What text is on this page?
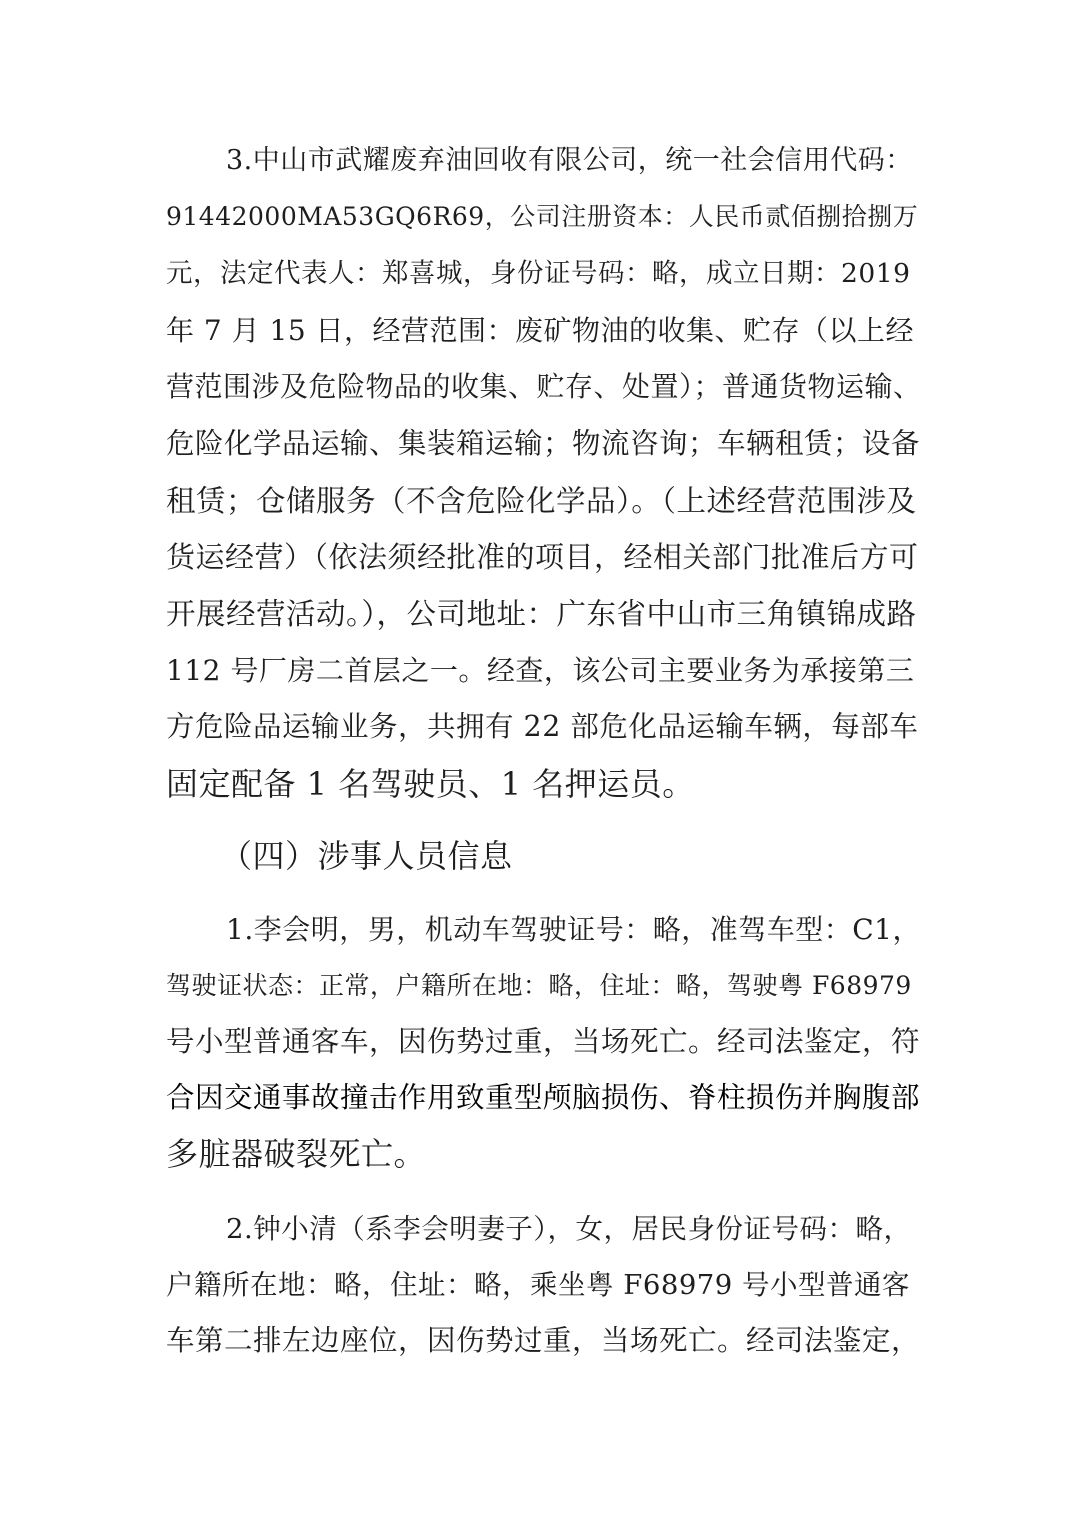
3.中山市武耀废弃油回收有限公司，统一社会信用代码：
91442000MA53GQ6R69，公司注册资本：人民币贰佰捌拾捌万
元，法定代表人：郑喜城，身份证号码：略，成立日期：2019
年 7 月 15 日，经营范围：废矿物油的收集、贮存（以上经
营范围涉及危险物品的收集、贮存、处置）；普通货物运输、
危险化学品运输、集装箱运输；物流咨询；车辆租赁；设备
租赁；仓储服务（不含危险化学品）。（上述经营范围涉及
货运经营）（依法须经批准的项目，经相关部门批准后方可
开展经营活动。），公司地址：广东省中山市三角镇锦成路
112 号厂房二首层之一。经查，该公司主要业务为承接第三
方危险品运输业务，共拥有 22 部危化品运输车辆，每部车
固定配备 1 名驾驶员、1 名押运员。
（四）涉事人员信息
1.李会明，男，机动车驾驶证号：略，准驾车型：C1，
驾驶证状态：正常，户籍所在地：略，住址：略，驾驶粤 F68979
号小型普通客车，因伤势过重，当场死亡。经司法鉴定，符
合因交通事故撞击作用致重型颅脑损伤、脊柱损伤并胸腹部
多脏器破裂死亡。
2.钟小清（系李会明妻子），女，居民身份证号码：略，
户籍所在地：略，住址：略，乘坐粤 F68979 号小型普通客
车第二排左边座位，因伤势过重，当场死亡。经司法鉴定，
